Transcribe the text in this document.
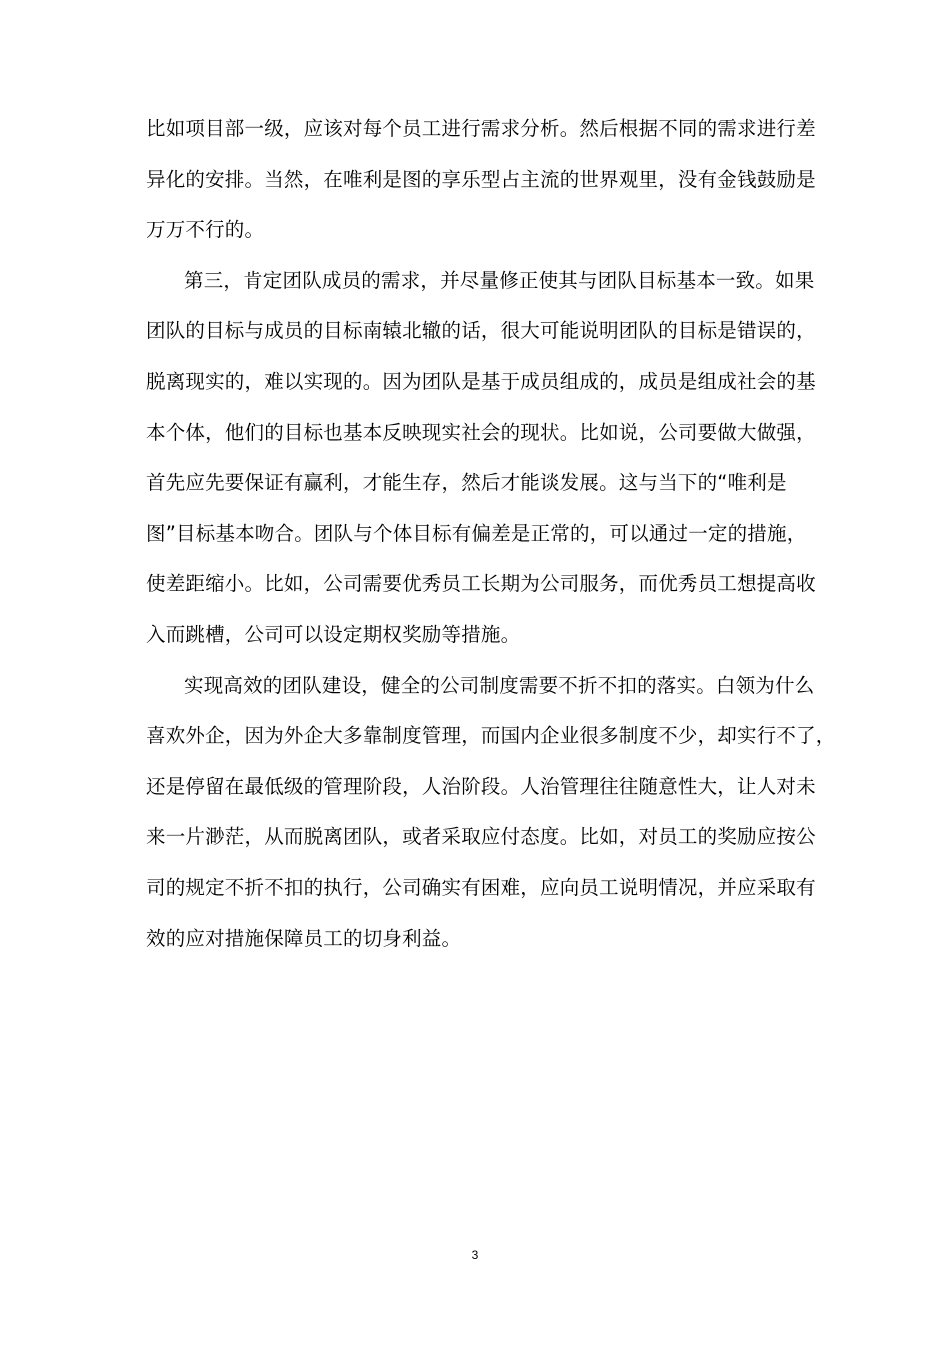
比如项目部一级，应该对每个员工进行需求分析。然后根据不同的需求进行差
异化的安排。当然，在唯利是图的享乐型占主流的世界观里，没有金钱鼓励是
万万不行的。
第三，肯定团队成员的需求，并尽量修正使其与团队目标基本一致。如果
团队的目标与成员的目标南辕北辙的话，很大可能说明团队的目标是错误的，
脱离现实的，难以实现的。因为团队是基于成员组成的，成员是组成社会的基
本个体，他们的目标也基本反映现实社会的现状。比如说，公司要做大做强，
首先应先要保证有赢利，才能生存，然后才能谈发展。这与当下的“唯利是
图”目标基本吻合。团队与个体目标有偏差是正常的，可以通过一定的措施，
使差距缩小。比如，公司需要优秀员工长期为公司服务，而优秀员工想提高收
入而跳槽，公司可以设定期权奖励等措施。
实现高效的团队建设，健全的公司制度需要不折不扣的落实。白领为什么
喜欢外企，因为外企大多靠制度管理，而国内企业很多制度不少，却实行不了，
还是停留在最低级的管理阶段，人治阶段。人治管理往往随意性大，让人对未
来一片渺茫，从而脱离团队，或者采取应付态度。比如，对员工的奖励应按公
司的规定不折不扣的执行，公司确实有困难，应向员工说明情况，并应采取有
效的应对措施保障员工的切身利益。
3
